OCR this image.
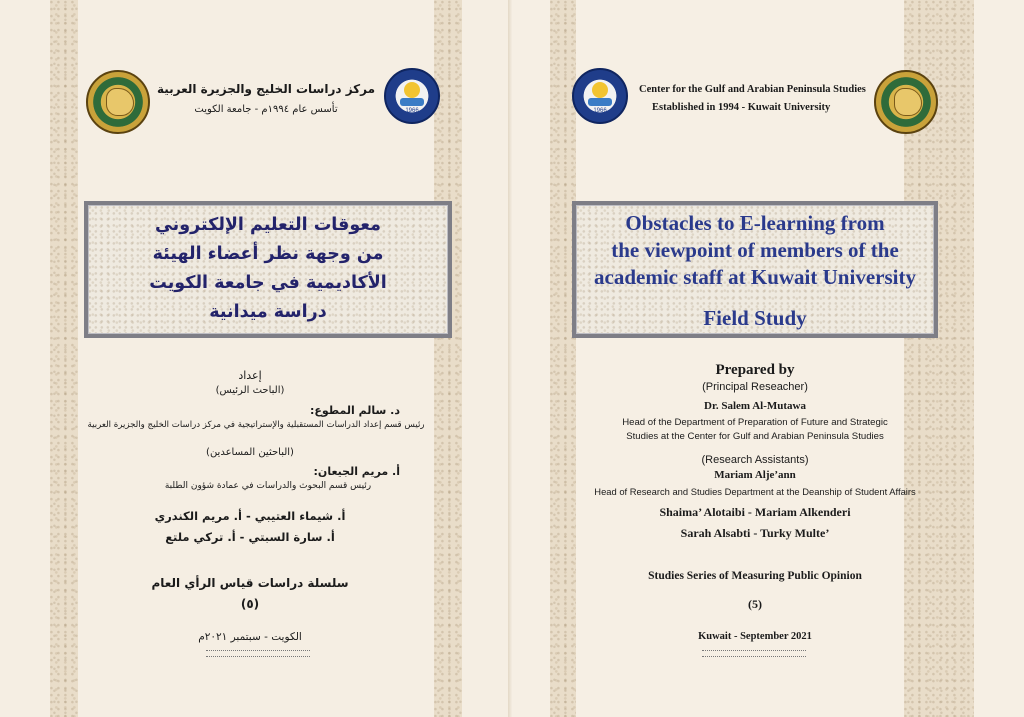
1966
مركز دراسات الخليج والجزيرة العربية
تأسس عام ١٩٩٤م - جامعة الكويت
معوقات التعليم الإلكتروني
من وجهة نظر أعضاء الهيئة
الأكاديمية في جامعة الكويت
دراسة ميدانية
إعداد
(الباحث الرئيس)
د. سالم المطوع:
رئيس قسم إعداد الدراسات المستقبلية والإستراتيجية في مركز دراسات الخليج والجزيرة العربية
(الباحثين المساعدين)
أ. مريم الجيعان:
رئيس قسم البحوث والدراسات في عمادة شؤون الطلبة
أ. شيماء العتيبي - أ. مريم الكندري
أ. سارة السبتي - أ. تركي ملتع
سلسلة دراسات قياس الرأي العام
(٥)
الكويت - سبتمبر ٢٠٢١م
1966
Center for the Gulf and Arabian Peninsula Studies
Established in 1994 - Kuwait University
Obstacles to E-learning from
the viewpoint of members of the
academic staff at Kuwait University
Field Study
Prepared by
(Principal Reseacher)
Dr. Salem Al-Mutawa
Head of the Department of Preparation of Future and Strategic
Studies at the Center for Gulf and Arabian Peninsula Studies
(Research Assistants)
Mariam Alje’ann
Head of Research and Studies Department at the Deanship of Student Affairs
Shaima’ Alotaibi - Mariam Alkenderi
Sarah Alsabti - Turky Multe’
Studies Series of Measuring Public Opinion
(5)
Kuwait - September 2021
